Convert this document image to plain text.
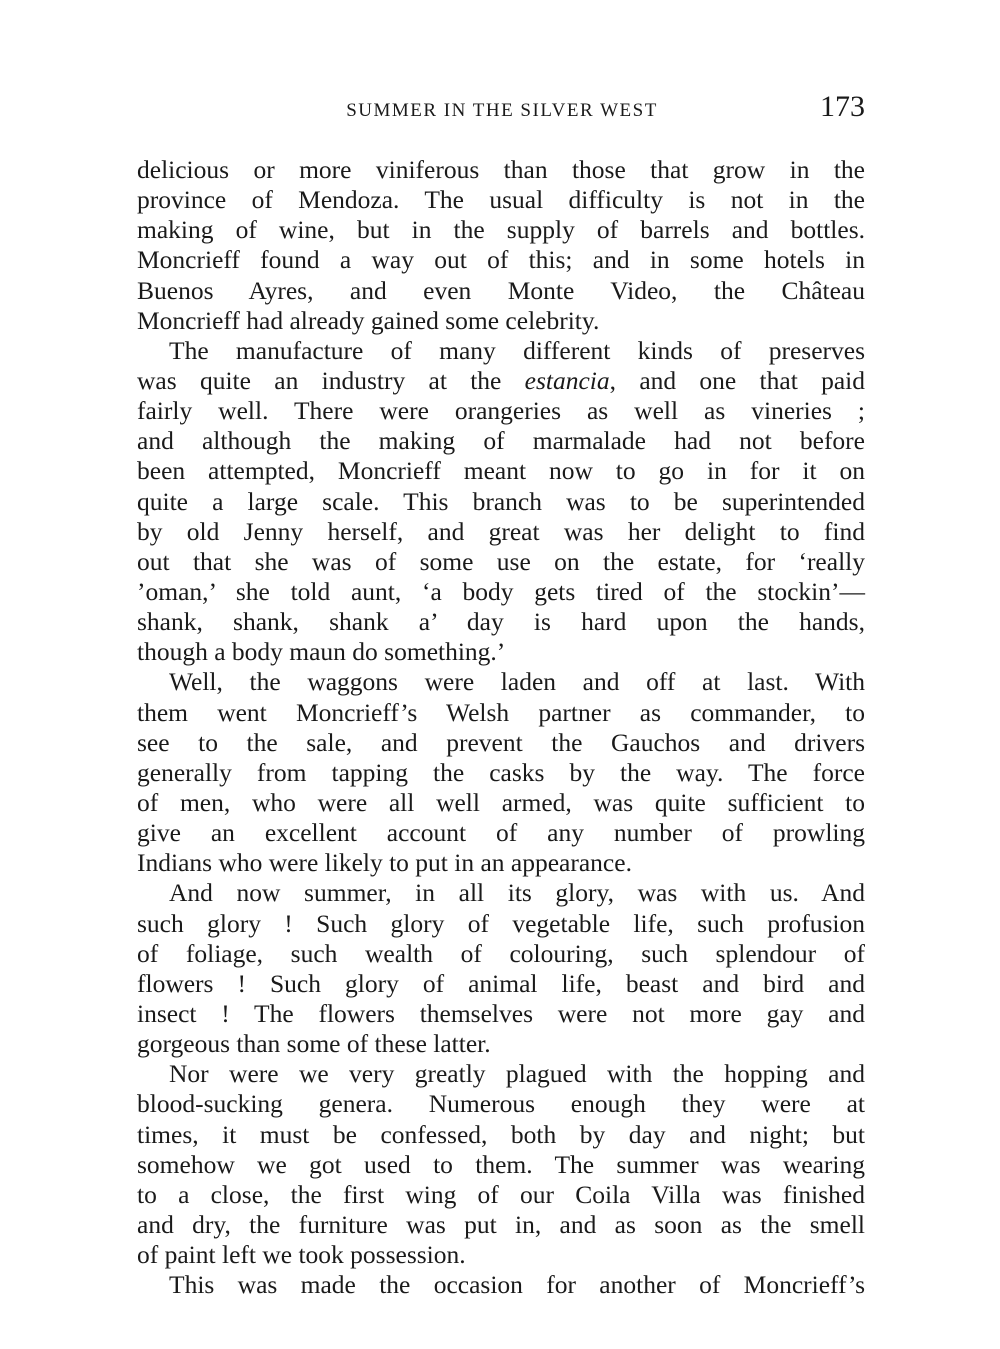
SUMMER IN THE SILVER WEST	173
delicious or more viniferous than those that grow in the
province of Mendoza. The usual difficulty is not in the
making of wine, but in the supply of barrels and bottles.
Moncrieff found a way out of this; and in some hotels in
Buenos Ayres, and even Monte Video, the Château
Moncrieff had already gained some celebrity.
The manufacture of many different kinds of preserves
was quite an industry at the estancia, and one that paid
fairly well. There were orangeries as well as vineries ;
and although the making of marmalade had not before
been attempted, Moncrieff meant now to go in for it on
quite a large scale. This branch was to be superintended
by old Jenny herself, and great was her delight to find
out that she was of some use on the estate, for ‘really
’oman,’ she told aunt, ‘a body gets tired of the stockin’—
shank, shank, shank a’ day is hard upon the hands,
though a body maun do something.’
Well, the waggons were laden and off at last. With
them went Moncrieff’s Welsh partner as commander, to
see to the sale, and prevent the Gauchos and drivers
generally from tapping the casks by the way. The force
of men, who were all well armed, was quite sufficient to
give an excellent account of any number of prowling
Indians who were likely to put in an appearance.
And now summer, in all its glory, was with us. And
such glory ! Such glory of vegetable life, such profusion
of foliage, such wealth of colouring, such splendour of
flowers ! Such glory of animal life, beast and bird and
insect ! The flowers themselves were not more gay and
gorgeous than some of these latter.
Nor were we very greatly plagued with the hopping and
blood-sucking genera. Numerous enough they were at
times, it must be confessed, both by day and night; but
somehow we got used to them. The summer was wearing
to a close, the first wing of our Coila Villa was finished
and dry, the furniture was put in, and as soon as the smell
of paint left we took possession.
This was made the occasion for another of Moncrieff’s
